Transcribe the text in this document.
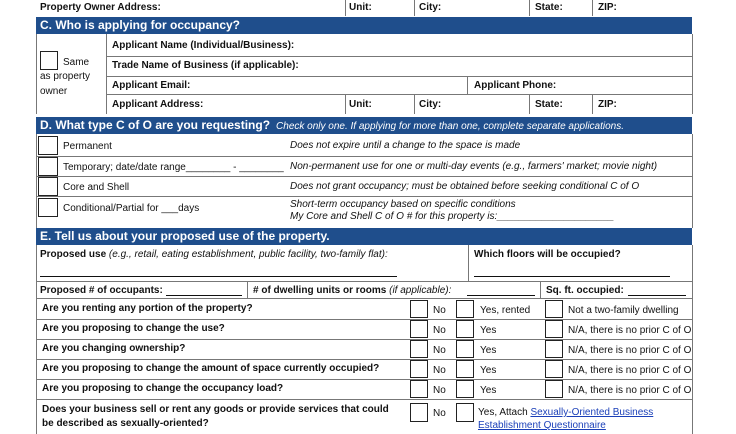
Property Owner Address:	Unit:	City:	State:	ZIP:
C. Who is applying for occupancy?
Same
as property
owner
Applicant Name (Individual/Business):
Trade Name of Business (if applicable):
Applicant Email:	Applicant Phone:
Applicant Address:	Unit:	City:	State:	ZIP:
D. What type C of O are you requesting? Check only one. If applying for more than one, complete separate applications.
Permanent	Does not expire until a change to the space is made
Temporary; date/date range________ - ________ Non-permanent use for one or multi-day events (e.g., farmers' market; movie night)
Core and Shell	Does not grant occupancy; must be obtained before seeking conditional C of O
Conditional/Partial for ___days	Short-term occupancy based on specific conditions
My Core and Shell C of O # for this property is:_____________________
E. Tell us about your proposed use of the property.
Proposed use (e.g., retail, eating establishment, public facility, two-family flat):	Which floors will be occupied?
Proposed # of occupants:	# of dwelling units or rooms (if applicable):	Sq. ft. occupied:
Are you renting any portion of the property?	No	Yes, rented	Not a two-family dwelling
Are you proposing to change the use?	No	Yes	N/A, there is no prior C of O
Are you changing ownership?	No	Yes	N/A, there is no prior C of O
Are you proposing to change the amount of space currently occupied?	No	Yes	N/A, there is no prior C of O
Are you proposing to change the occupancy load?	No	Yes	N/A, there is no prior C of O
Does your business sell or rent any goods or provide services that could
be described as sexually-oriented?
No	Yes, Attach Sexually-Oriented Business
Establishment Questionnaire
